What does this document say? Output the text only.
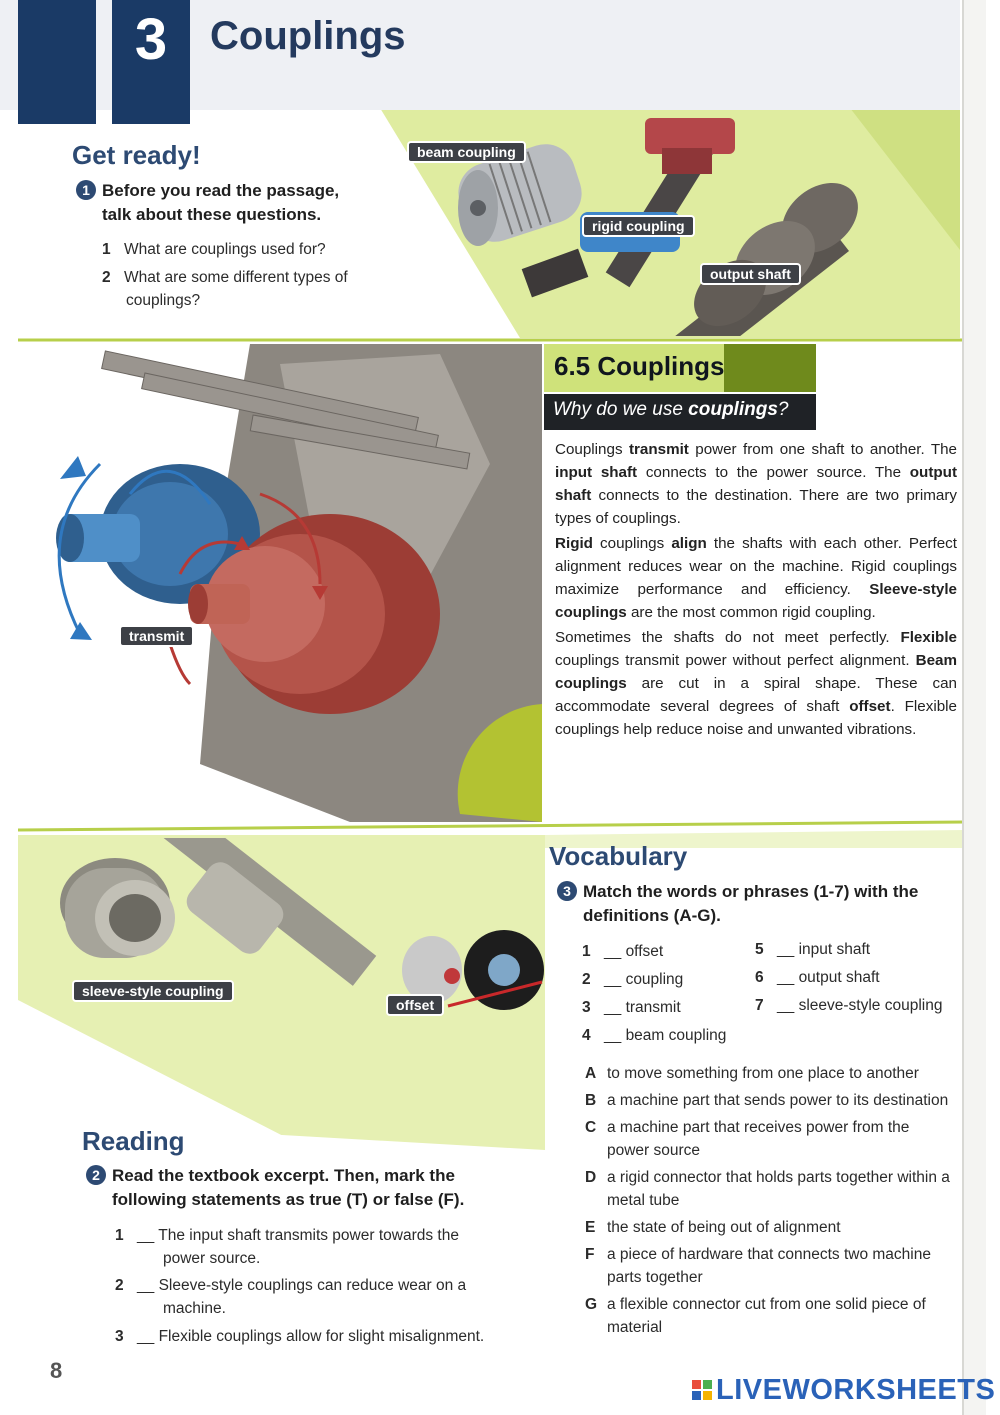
3	Couplings
Get ready!
1 Before you read the passage,
talk about these questions.
1 What are couplings used for?
2 What are some different types of
couplings?
beam coupling
rigid coupling
output shaft
transmit
6.5 Couplings
Why do we use couplings?

Couplings transmit power from one shaft to another. The input shaft connects to the power source. The output shaft connects to the destination. There are two primary types of couplings.

Rigid couplings align the shafts with each other. Perfect alignment reduces wear on the machine. Rigid couplings maximize performance and efficiency. Sleeve-style couplings are the most common rigid coupling.

Sometimes the shafts do not meet perfectly. Flexible couplings transmit power without perfect alignment. Beam couplings are cut in a spiral shape. These can accommodate several degrees of shaft offset. Flexible couplings help reduce noise and unwanted vibrations.

sleeve-style coupling
offset
Vocabulary
3 Match the words or phrases (1-7) with the
definitions (A-G).
1 __ offset
2 __ coupling
3 __ transmit
4 __ beam coupling
5 __ input shaft
6 __ output shaft
7 __ sleeve-style coupling
A to move something from one place to another
B a machine part that sends power to its destination
C a machine part that receives power from the
power source
D a rigid connector that holds parts together within a
metal tube
E the state of being out of alignment
F a piece of hardware that connects two machine
parts together
G a flexible connector cut from one solid piece of
material
Reading
2 Read the textbook excerpt. Then, mark the
following statements as true (T) or false (F).
1 __ The input shaft transmits power towards the
power source.
2 __ Sleeve-style couplings can reduce wear on a
machine.
3 __ Flexible couplings allow for slight misalignment.
8
LIVEWORKSHEETS
